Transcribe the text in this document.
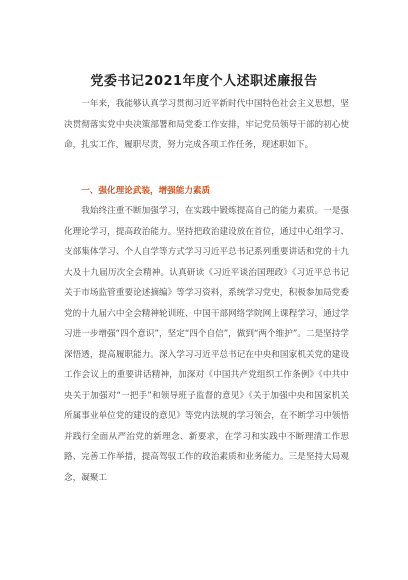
党委书记2021年度个人述职述廉报告

一年来，我能够认真学习贯彻习近平新时代中国特色社会主义思想，坚决贯彻落实党中央决策部署和局党委工作安排，牢记党员领导干部的初心使命，扎实工作，履职尽责，努力完成各项工作任务，现述职如下。

一、强化理论武装，增强能力素质

我始终注重不断加强学习，在实践中锻炼提高自己的能力素质。一是强化理论学习，提高政治能力。坚持把政治建设放在首位，通过中心组学习、支部集体学习、个人自学等方式学习习近平总书记系列重要讲话和党的十九大及十九届历次全会精神。认真研读《习近平谈治国理政》《习近平总书记关于市场监管重要论述摘编》等学习资料，系统学习党史，积极参加局党委党的十九届六中全会精神轮训班、中国干部网络学院网上课程学习，通过学习进一步增强“四个意识”，坚定“四个自信”，做到“两个维护”。二是坚持学深悟透，提高履职能力。深入学习习近平总书记在中央和国家机关党的建设工作会议上的重要讲话精神，加深对《中国共产党组织工作条例》《中共中央关于加强对“一把手”和领导班子监督的意见》《关于加强中央和国家机关所属事业单位党的建设的意见》等党内法规的学习领会，在不断学习中领悟并践行全面从严治党的新理念、新要求，在学习和实践中不断理清工作思路、完善工作举措，提高驾驭工作的政治素质和业务能力。三是坚持大局观念，凝聚工
